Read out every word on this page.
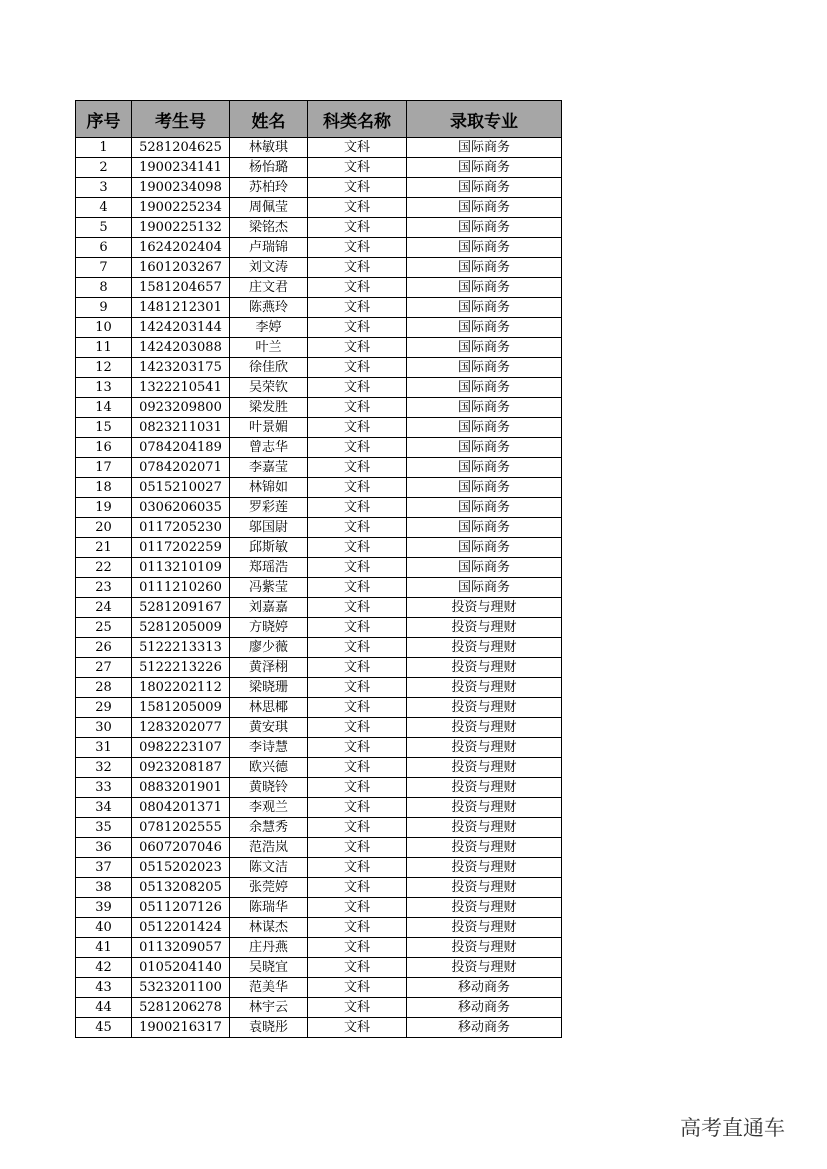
序号	考生号	姓名	科类名称	录取专业
1	5281204625	林敏琪	文科	国际商务
2	1900234141	杨怡璐	文科	国际商务
3	1900234098	苏柏玲	文科	国际商务
4	1900225234	周佩莹	文科	国际商务
5	1900225132	梁铭杰	文科	国际商务
6	1624202404	卢瑞锦	文科	国际商务
7	1601203267	刘文涛	文科	国际商务
8	1581204657	庄文君	文科	国际商务
9	1481212301	陈燕玲	文科	国际商务
10	1424203144	李婷	文科	国际商务
11	1424203088	叶兰	文科	国际商务
12	1423203175	徐佳欣	文科	国际商务
13	1322210541	吴荣钦	文科	国际商务
14	0923209800	梁发胜	文科	国际商务
15	0823211031	叶景媚	文科	国际商务
16	0784204189	曾志华	文科	国际商务
17	0784202071	李嘉莹	文科	国际商务
18	0515210027	林锦如	文科	国际商务
19	0306206035	罗彩莲	文科	国际商务
20	0117205230	邬国尉	文科	国际商务
21	0117202259	邱斯敏	文科	国际商务
22	0113210109	郑瑶浩	文科	国际商务
23	0111210260	冯紫莹	文科	国际商务
24	5281209167	刘嘉嘉	文科	投资与理财
25	5281205009	方晓婷	文科	投资与理财
26	5122213313	廖少薇	文科	投资与理财
27	5122213226	黄泽栩	文科	投资与理财
28	1802202112	梁晓珊	文科	投资与理财
29	1581205009	林思椰	文科	投资与理财
30	1283202077	黄安琪	文科	投资与理财
31	0982223107	李诗慧	文科	投资与理财
32	0923208187	欧兴德	文科	投资与理财
33	0883201901	黄晓铃	文科	投资与理财
34	0804201371	李观兰	文科	投资与理财
35	0781202555	余慧秀	文科	投资与理财
36	0607207046	范浩岚	文科	投资与理财
37	0515202023	陈文洁	文科	投资与理财
38	0513208205	张莞婷	文科	投资与理财
39	0511207126	陈瑞华	文科	投资与理财
40	0512201424	林谋杰	文科	投资与理财
41	0113209057	庄丹燕	文科	投资与理财
42	0105204140	吴晓宜	文科	投资与理财
43	5323201100	范美华	文科	移动商务
44	5281206278	林宇云	文科	移动商务
45	1900216317	袁晓彤	文科	移动商务
高考直通车
